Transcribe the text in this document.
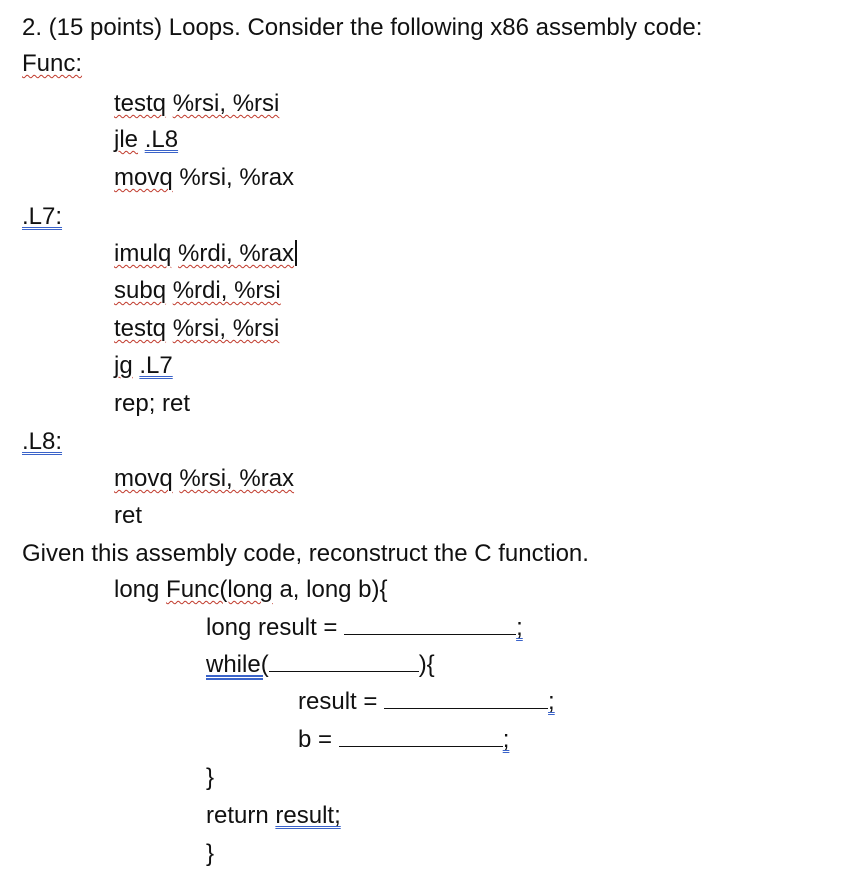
2. (15 points) Loops. Consider the following x86 assembly code:
Func:
testq %rsi, %rsi
jle .L8
movq %rsi, %rax
.L7:
imulq %rdi, %rax
subq %rdi, %rsi
testq %rsi, %rsi
jg .L7
rep; ret
.L8:
movq %rsi, %rax
ret
Given this assembly code, reconstruct the C function.
long Func(long a, long b){
long result =	;
while(	){
result =	;
b =	;
}
return result;
}
